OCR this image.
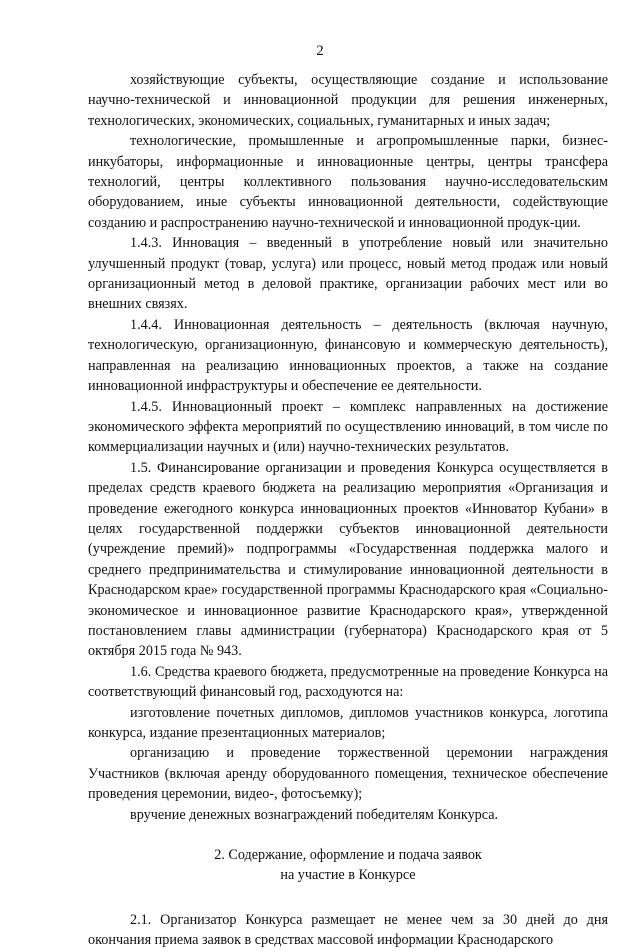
2

хозяйствующие субъекты, осуществляющие создание и использование научно-технической и инновационной продукции для решения инженерных, технологических, экономических, социальных, гуманитарных и иных задач;

технологические, промышленные и агропромышленные парки, бизнес-инкубаторы, информационные и инновационные центры, центры трансфера технологий, центры коллективного пользования научно-исследовательским оборудованием, иные субъекты инновационной деятельности, содействующие созданию и распространению научно-технической и инновационной продук-ции.

1.4.3. Инновация – введенный в употребление новый или значительно улучшенный продукт (товар, услуга) или процесс, новый метод продаж или новый организационный метод в деловой практике, организации рабочих мест или во внешних связях.

1.4.4. Инновационная деятельность – деятельность (включая научную, технологическую, организационную, финансовую и коммерческую деятельность), направленная на реализацию инновационных проектов, а также на создание инновационной инфраструктуры и обеспечение ее деятельности.

1.4.5. Инновационный проект – комплекс направленных на достижение экономического эффекта мероприятий по осуществлению инноваций, в том числе по коммерциализации научных и (или) научно-технических результатов.

1.5. Финансирование организации и проведения Конкурса осуществляется в пределах средств краевого бюджета на реализацию мероприятия «Организация и проведение ежегодного конкурса инновационных проектов «Инноватор Кубани» в целях государственной поддержки субъектов инновационной деятельности (учреждение премий)» подпрограммы «Государственная поддержка малого и среднего предпринимательства и стимулирование инновационной деятельности в Краснодарском крае» государственной программы Краснодарского края «Социально-экономическое и инновационное развитие Краснодарского края», утвержденной постановлением главы администрации (губернатора) Краснодарского края от 5 октября 2015 года № 943.

1.6. Средства краевого бюджета, предусмотренные на проведение Конкурса на соответствующий финансовый год, расходуются на:

изготовление почетных дипломов, дипломов участников конкурса, логотипа конкурса, издание презентационных материалов;

организацию и проведение торжественной церемонии награждения Участников (включая аренду оборудованного помещения, техническое обеспечение проведения церемонии, видео-, фотосъемку);

вручение денежных вознаграждений победителям Конкурса.

2. Содержание, оформление и подача заявок
на участие в Конкурсе

2.1. Организатор Конкурса размещает не менее чем за 30 дней до дня окончания приема заявок в средствах массовой информации Краснодарского
